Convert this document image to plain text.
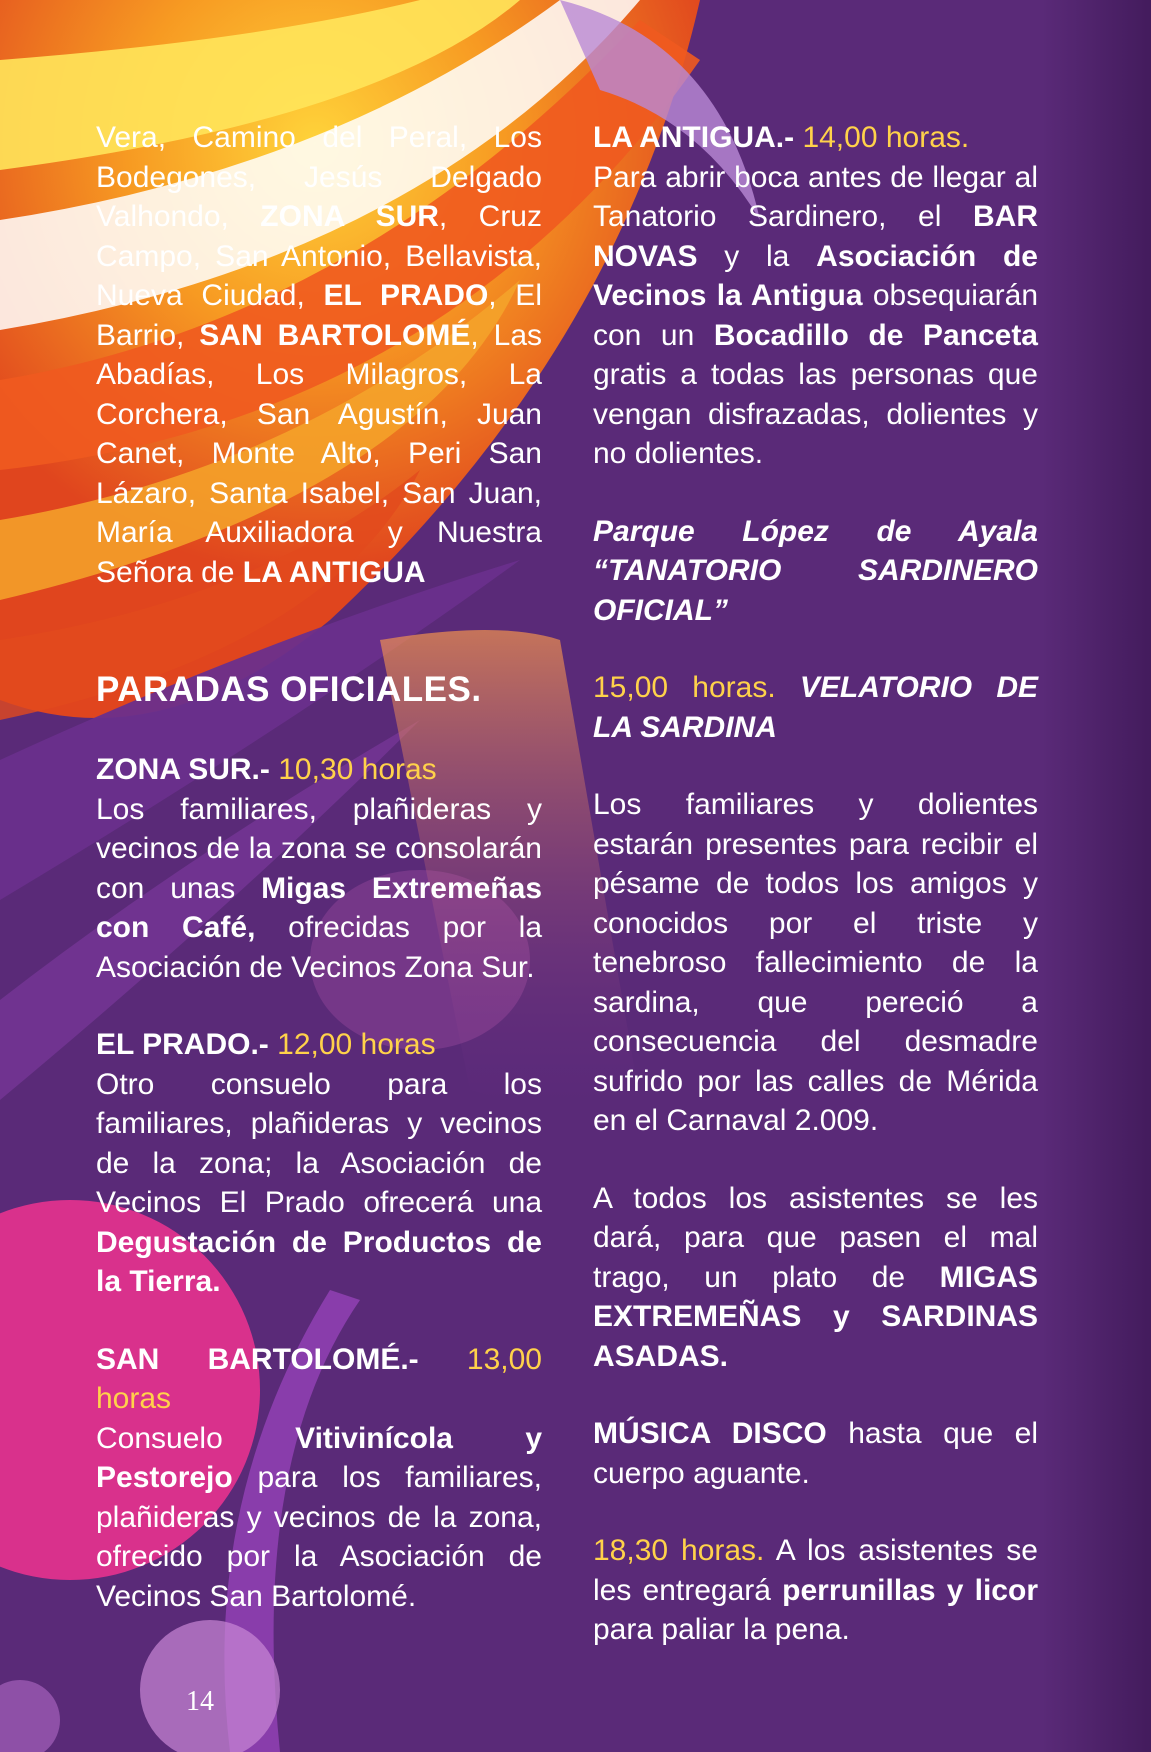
Vera, Camino del Peral, Los Bodegones, Jesús Delgado Valhondo, ZONA SUR, Cruz Campo, San Antonio, Bellavista, Nueva Ciudad, EL PRADO, El Barrio, SAN BARTOLOMÉ, Las Abadías, Los Milagros, La Corchera, San Agustín, Juan Canet, Monte Alto, Peri San Lázaro, Santa Isabel, San Juan, María Auxiliadora y Nuestra Señora de LA ANTIGUA

PARADAS OFICIALES.

ZONA SUR.- 10,30 horas
Los familiares, plañideras y vecinos de la zona se consolarán con unas Migas Extremeñas con Café, ofrecidas por la Asociación de Vecinos Zona Sur.

EL PRADO.- 12,00 horas
Otro consuelo para los familiares, plañideras y vecinos de la zona; la Asociación de Vecinos El Prado ofrecerá una Degustación de Productos de la Tierra.

SAN BARTOLOMÉ.- 13,00 horas
Consuelo Vitivinícola y Pestorejo para los familiares, plañideras y vecinos de la zona, ofrecido por la Asociación de Vecinos San Bartolomé.

LA ANTIGUA.- 14,00 horas.
Para abrir boca antes de llegar al Tanatorio Sardinero, el BAR NOVAS y la Asociación de Vecinos la Antigua obsequiarán con un Bocadillo de Panceta gratis a todas las personas que vengan disfrazadas, dolientes y no dolientes.

Parque López de Ayala “TANATORIO SARDINERO OFICIAL”

15,00 horas. VELATORIO DE LA SARDINA

Los familiares y dolientes estarán presentes para recibir el pésame de todos los amigos y conocidos por el triste y tenebroso fallecimiento de la sardina, que pereció a consecuencia del desmadre sufrido por las calles de Mérida en el Carnaval 2.009.

A todos los asistentes se les dará, para que pasen el mal trago, un plato de MIGAS EXTREMEÑAS y SARDINAS ASADAS.

MÚSICA DISCO hasta que el cuerpo aguante.

18,30 horas. A los asistentes se les entregará perrunillas y licor para paliar la pena.

14
